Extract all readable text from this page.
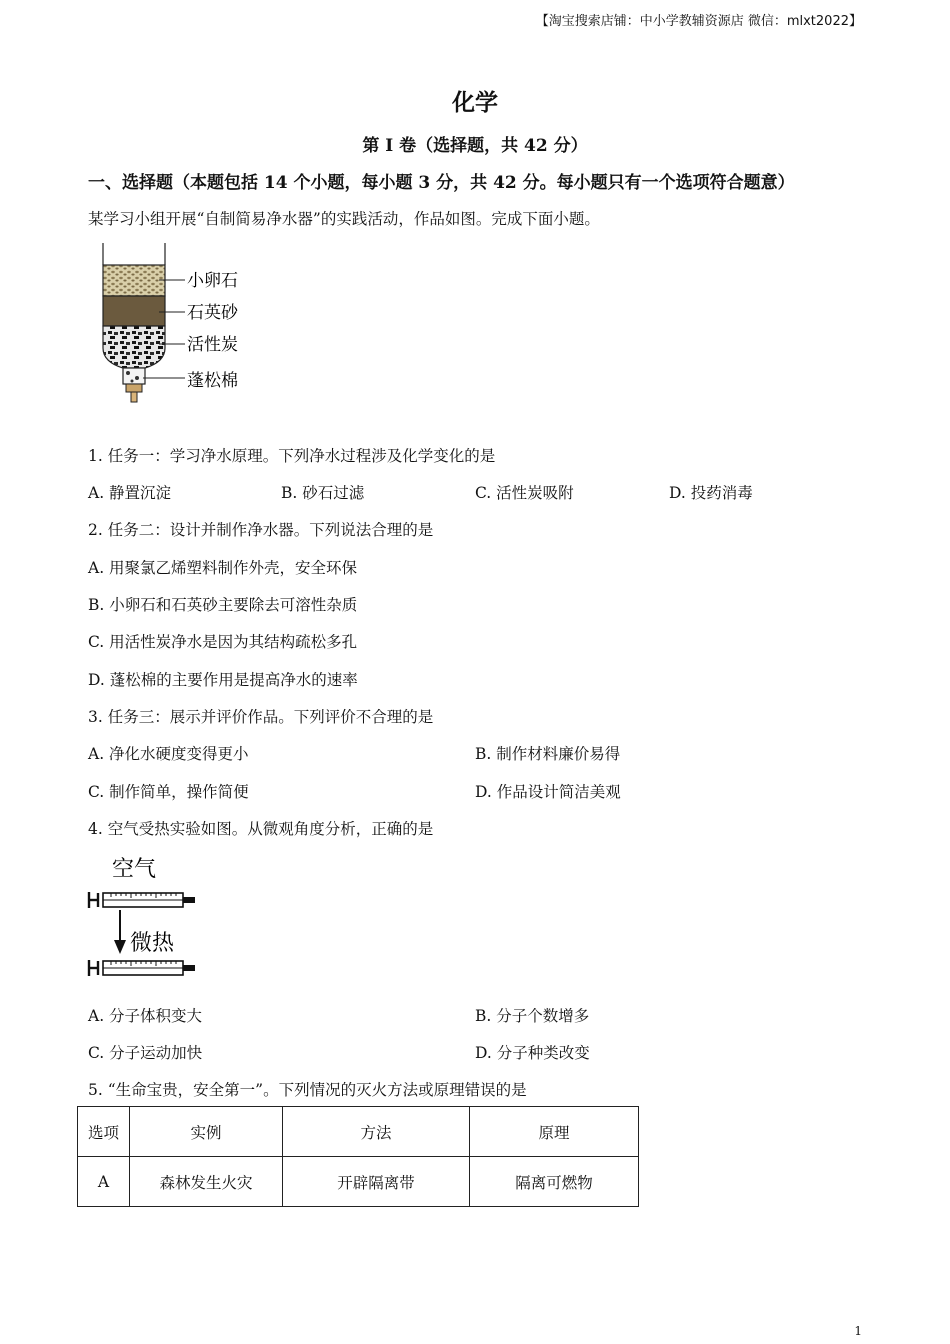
【淘宝搜索店铺：中小学教辅资源店 微信：mlxt2022】
化学
第 I 卷（选择题，共 42 分）
一、选择题（本题包括 14 个小题，每小题 3 分，共 42 分。每小题只有一个选项符合题意）
某学习小组开展“自制简易净水器”的实践活动，作品如图。完成下面小题。
小卵石
石英砂
活性炭
蓬松棉
1. 任务一：学习净水原理。下列净水过程涉及化学变化的是
A. 静置沉淀	B. 砂石过滤	C. 活性炭吸附	D. 投药消毒
2. 任务二：设计并制作净水器。下列说法合理的是
A. 用聚氯乙烯塑料制作外壳，安全环保
B. 小卵石和石英砂主要除去可溶性杂质
C. 用活性炭净水是因为其结构疏松多孔
D. 蓬松棉的主要作用是提高净水的速率
3. 任务三：展示并评价作品。下列评价不合理的是
A. 净化水硬度变得更小	B. 制作材料廉价易得
C. 制作简单，操作简便	D. 作品设计简洁美观
4. 空气受热实验如图。从微观角度分析，正确的是
空气
微热
A. 分子体积变大	B. 分子个数增多
C. 分子运动加快	D. 分子种类改变
5. “生命宝贵，安全第一”。下列情况的灭火方法或原理错误的是
选项	实例	方法	原理
A	森林发生火灾	开辟隔离带	隔离可燃物
1
